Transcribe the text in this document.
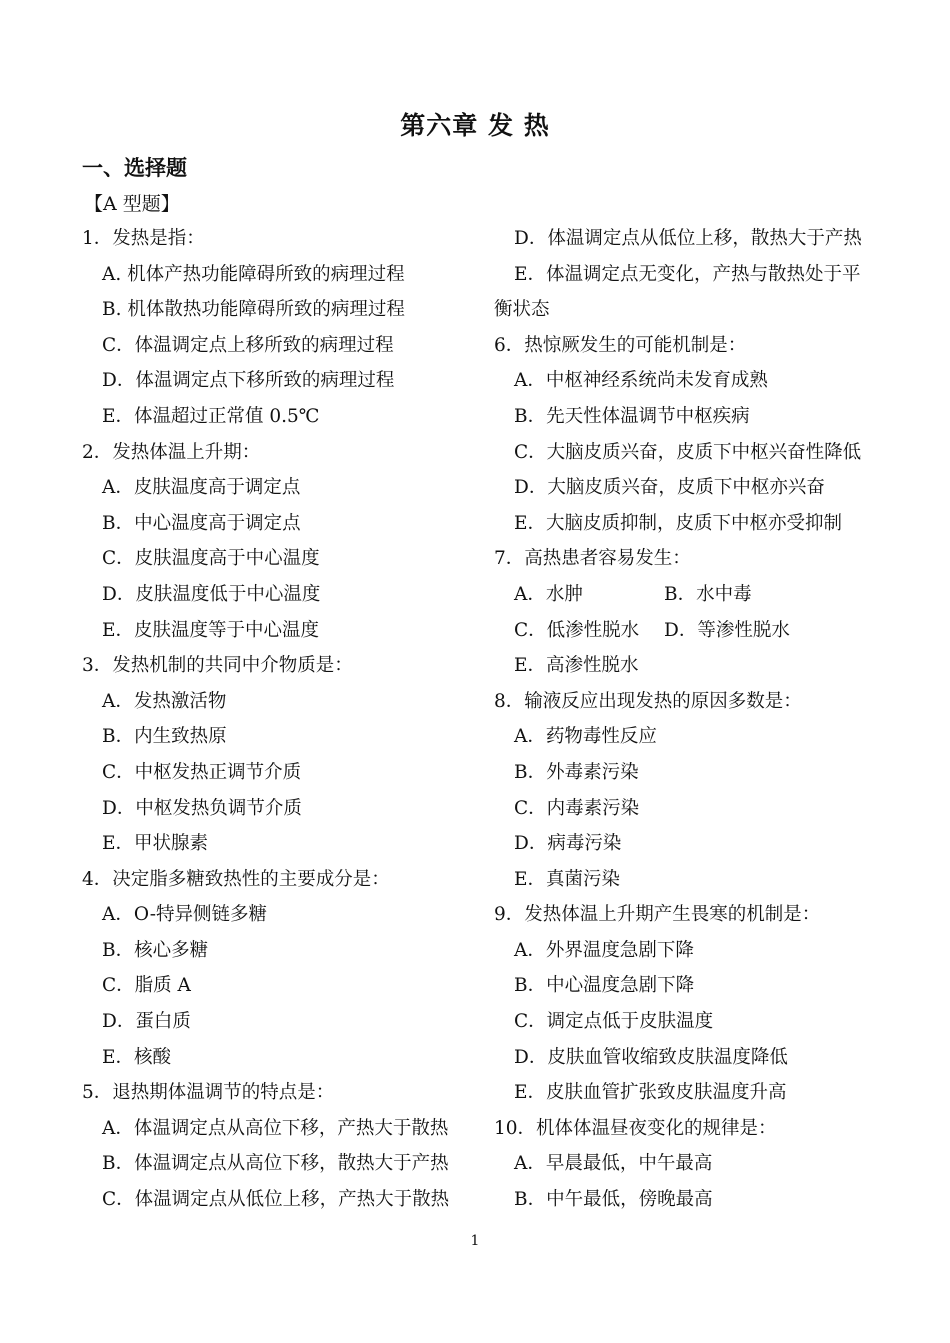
第六章 发 热
一、选择题
【A 型题】
1．发热是指：
A. 机体产热功能障碍所致的病理过程
B. 机体散热功能障碍所致的病理过程
C．体温调定点上移所致的病理过程
D．体温调定点下移所致的病理过程
E．体温超过正常值 0.5℃
2．发热体温上升期：
A．皮肤温度高于调定点
B．中心温度高于调定点
C．皮肤温度高于中心温度
D．皮肤温度低于中心温度
E．皮肤温度等于中心温度
3．发热机制的共同中介物质是：
A．发热激活物
B．内生致热原
C．中枢发热正调节介质
D．中枢发热负调节介质
E．甲状腺素
4．决定脂多糖致热性的主要成分是：
A．O-特异侧链多糖
B．核心多糖
C．脂质 A
D．蛋白质
E．核酸
5．退热期体温调节的特点是：
A．体温调定点从高位下移，产热大于散热
B．体温调定点从高位下移，散热大于产热
C．体温调定点从低位上移，产热大于散热
D．体温调定点从低位上移，散热大于产热
E．体温调定点无变化，产热与散热处于平
衡状态
6．热惊厥发生的可能机制是：
A．中枢神经系统尚未发育成熟
B．先天性体温调节中枢疾病
C．大脑皮质兴奋，皮质下中枢兴奋性降低
D．大脑皮质兴奋，皮质下中枢亦兴奋
E．大脑皮质抑制，皮质下中枢亦受抑制
7．高热患者容易发生：
A．水肿	B．水中毒
C．低渗性脱水	D．等渗性脱水
E．高渗性脱水
8．输液反应出现发热的原因多数是：
A．药物毒性反应
B．外毒素污染
C．内毒素污染
D．病毒污染
E．真菌污染
9．发热体温上升期产生畏寒的机制是：
A．外界温度急剧下降
B．中心温度急剧下降
C．调定点低于皮肤温度
D．皮肤血管收缩致皮肤温度降低
E．皮肤血管扩张致皮肤温度升高
10．机体体温昼夜变化的规律是：
A．早晨最低，中午最高
B．中午最低，傍晚最高
1
